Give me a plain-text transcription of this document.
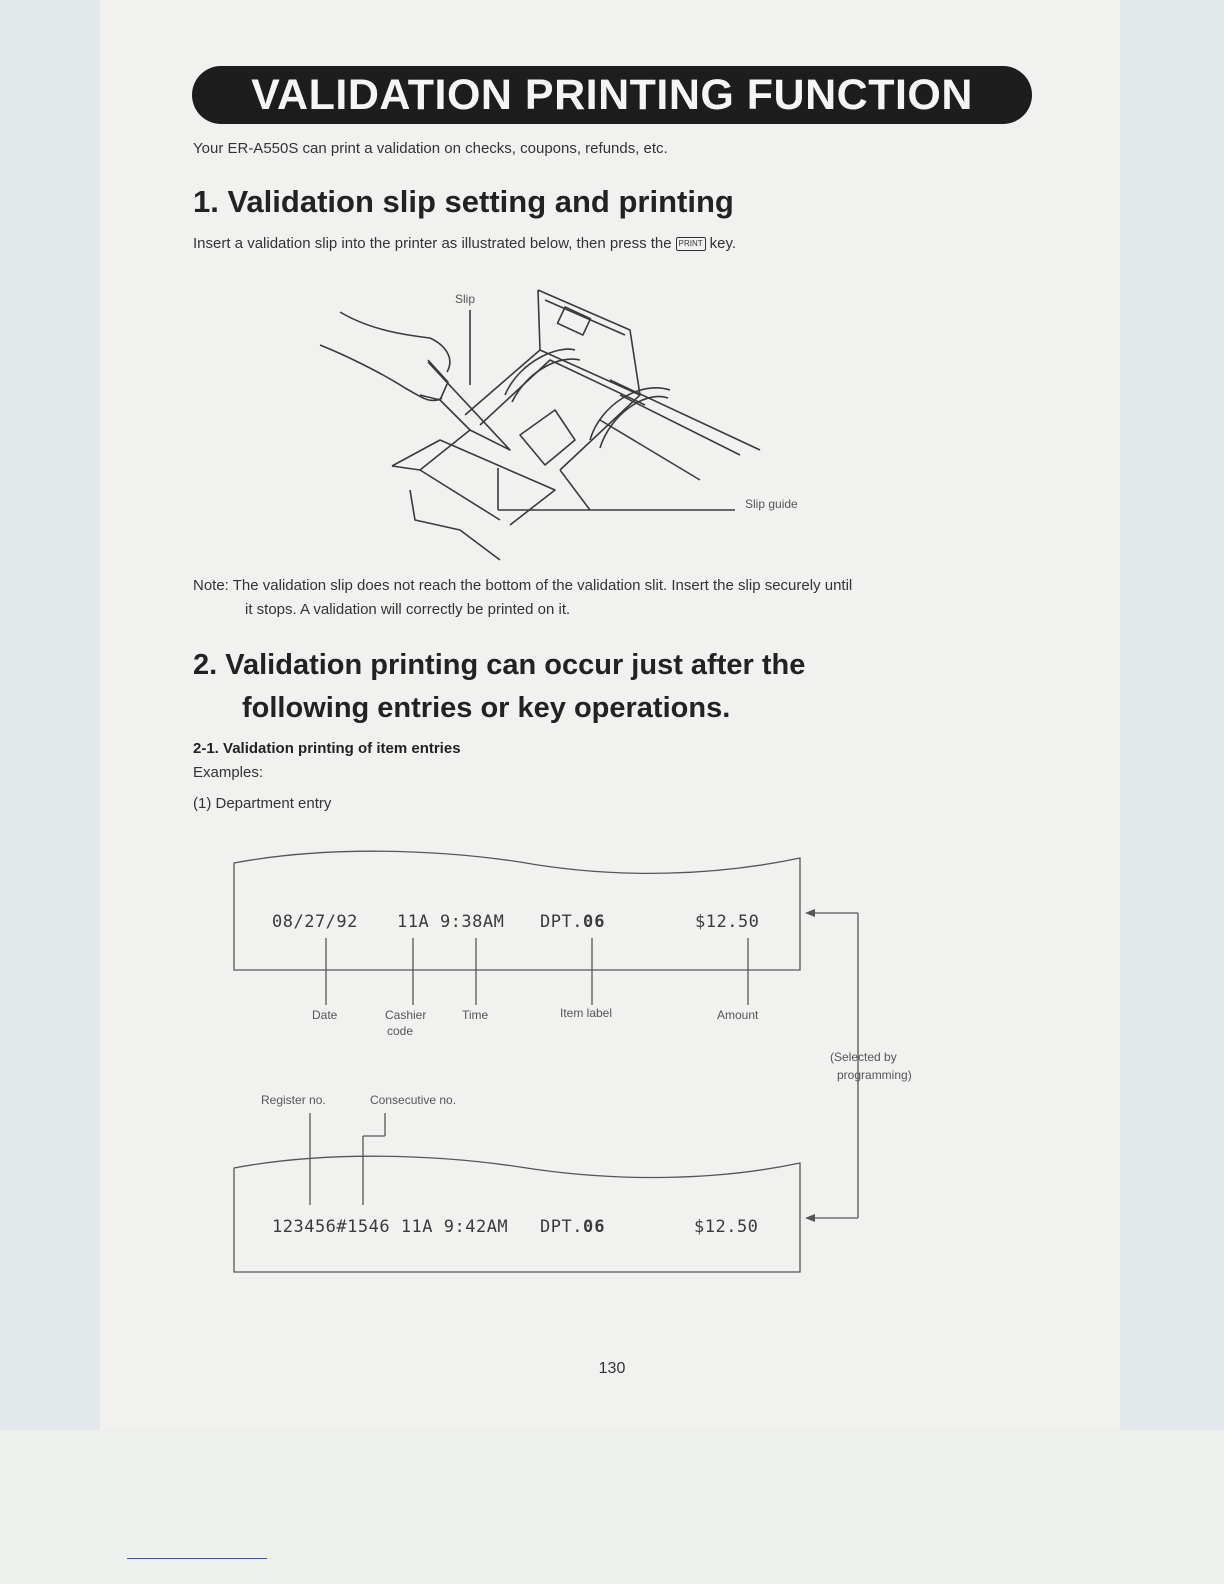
VALIDATION PRINTING FUNCTION
Your ER-A550S can print a validation on checks, coupons, refunds, etc.
1. Validation slip setting and printing
Insert a validation slip into the printer as illustrated below, then press the PRINT key.
Slip
Slip guide
Note: The validation slip does not reach the bottom of the validation slit. Insert the slip securely until
it stops. A validation will correctly be printed on it.
2. Validation printing can occur just after the
following entries or key operations.
2-1. Validation printing of item entries
Examples:
(1) Department entry
08/27/92 11A 9:38AM DPT.06	$12.50
Date	Cashier
code
Time	Item label	Amount
(Selected by
programming)
Register no.	Consecutive no.
123456#1546 11A 9:42AM DPT.06	$12.50
130
